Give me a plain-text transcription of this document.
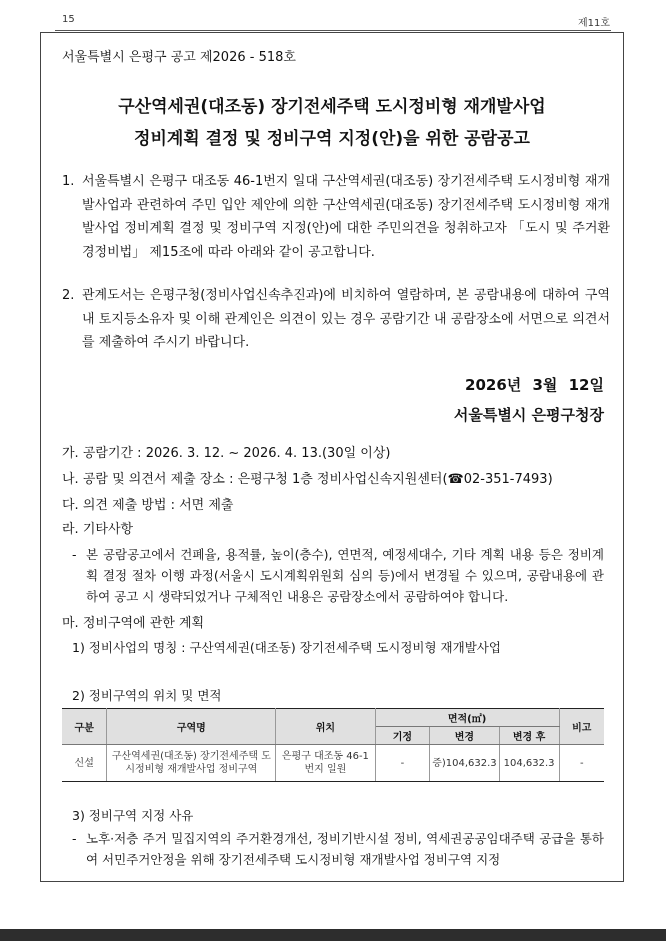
15	제11호
서울특별시 은평구 공고 제2026 - 518호
구산역세권(대조동) 장기전세주택 도시정비형 재개발사업
정비계획 결정 및 정비구역 지정(안)을 위한 공람공고
1. 서울특별시 은평구 대조동 46-1번지 일대 구산역세권(대조동) 장기전세주택 도시정비형 재개발사업과 관련하여 주민 입안 제안에 의한 구산역세권(대조동) 장기전세주택 도시정비형 재개발사업 정비계획 결정 및 정비구역 지정(안)에 대한 주민의견을 청취하고자 「도시 및 주거환경정비법」 제15조에 따라 아래와 같이 공고합니다.
2. 관계도서는 은평구청(정비사업신속추진과)에 비치하여 열람하며, 본 공람내용에 대하여 구역 내 토지등소유자 및 이해 관계인은 의견이 있는 경우 공람기간 내 공람장소에 서면으로 의견서를 제출하여 주시기 바랍니다.
2026년 3월 12일
서울특별시 은평구청장
가. 공람기간 : 2026. 3. 12. ~ 2026. 4. 13.(30일 이상)
나. 공람 및 의견서 제출 장소 : 은평구청 1층 정비사업신속지원센터(☎02-351-7493)
다. 의견 제출 방법 : 서면 제출
라. 기타사항
- 본 공람공고에서 건폐율, 용적률, 높이(층수), 연면적, 예정세대수, 기타 계획 내용 등은 정비계획 결정 절차 이행 과정(서울시 도시계획위원회 심의 등)에서 변경될 수 있으며, 공람내용에 관하여 공고 시 생략되었거나 구체적인 내용은 공람장소에서 공람하여야 합니다.
마. 정비구역에 관한 계획
1) 정비사업의 명칭 : 구산역세권(대조동) 장기전세주택 도시정비형 재개발사업
2) 정비구역의 위치 및 면적
구분	구역명	위치	면적(㎡)			비고
			기정	변경	변경 후	
신설	구산역세권(대조동) 장기전세주택 도시정비형 재개발사업 정비구역	은평구 대조동 46-1번지 일원	-	증)104,632.3	104,632.3	-
3) 정비구역 지정 사유
- 노후·저층 주거 밀집지역의 주거환경개선, 정비기반시설 정비, 역세권공공임대주택 공급을 통하여 서민주거안정을 위해 장기전세주택 도시정비형 재개발사업 정비구역 지정
